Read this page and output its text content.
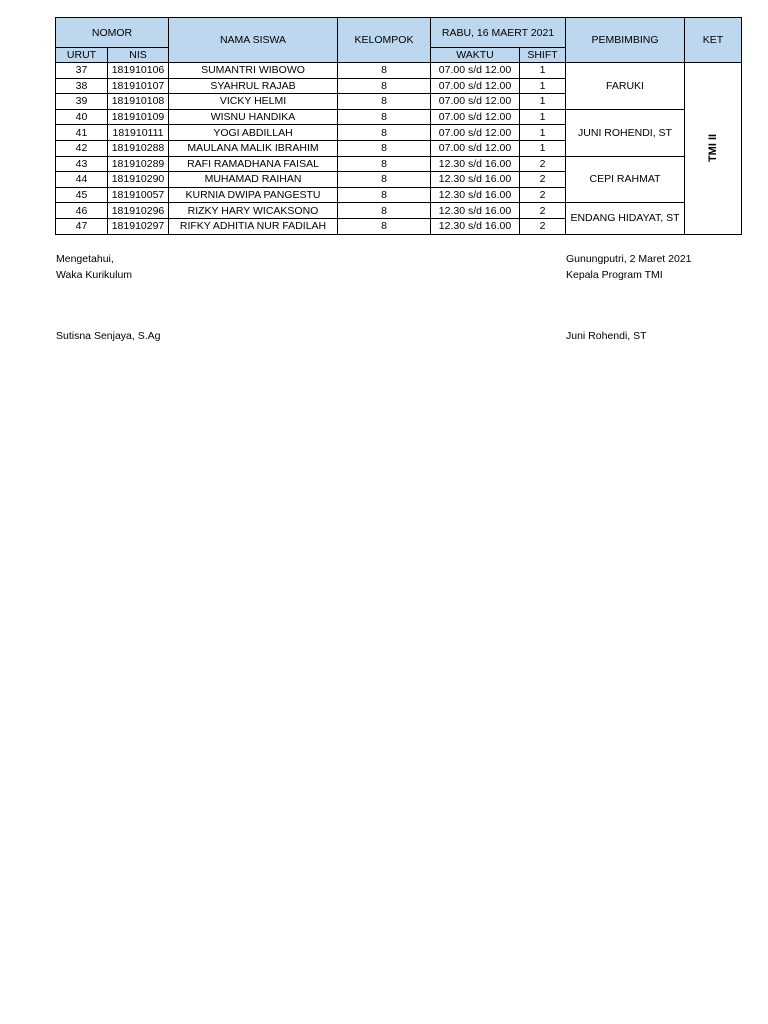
NOMOR		NAMA SISWA	KELOMPOK	RABU, 16 MAERT 2021		PEMBIMBING	KET
URUT	NIS			WAKTU	SHIFT		
37	181910106	SUMANTRI WIBOWO	8	07.00 s/d 12.00	1	FARUKI	TMI II
38	181910107	SYAHRUL RAJAB	8	07.00 s/d 12.00	1		
39	181910108	VICKY HELMI	8	07.00 s/d 12.00	1		
40	181910109	WISNU HANDIKA	8	07.00 s/d 12.00	1	JUNI ROHENDI, ST	
41	181910111	YOGI ABDILLAH	8	07.00 s/d 12.00	1		
42	181910288	MAULANA MALIK IBRAHIM	8	07.00 s/d 12.00	1		
43	181910289	RAFI RAMADHANA FAISAL	8	12.30 s/d 16.00	2	CEPI RAHMAT	
44	181910290	MUHAMAD RAIHAN	8	12.30 s/d 16.00	2		
45	181910057	KURNIA DWIPA PANGESTU	8	12.30 s/d 16.00	2		
46	181910296	RIZKY HARY WICAKSONO	8	12.30 s/d 16.00	2	ENDANG HIDAYAT, ST	
47	181910297	RIFKY ADHITIA NUR FADILAH	8	12.30 s/d 16.00	2		
Mengetahui,
Waka Kurikulum
Sutisna Senjaya, S.Ag
Gunungputri, 2 Maret 2021
Kepala Program TMI
Juni Rohendi, ST
